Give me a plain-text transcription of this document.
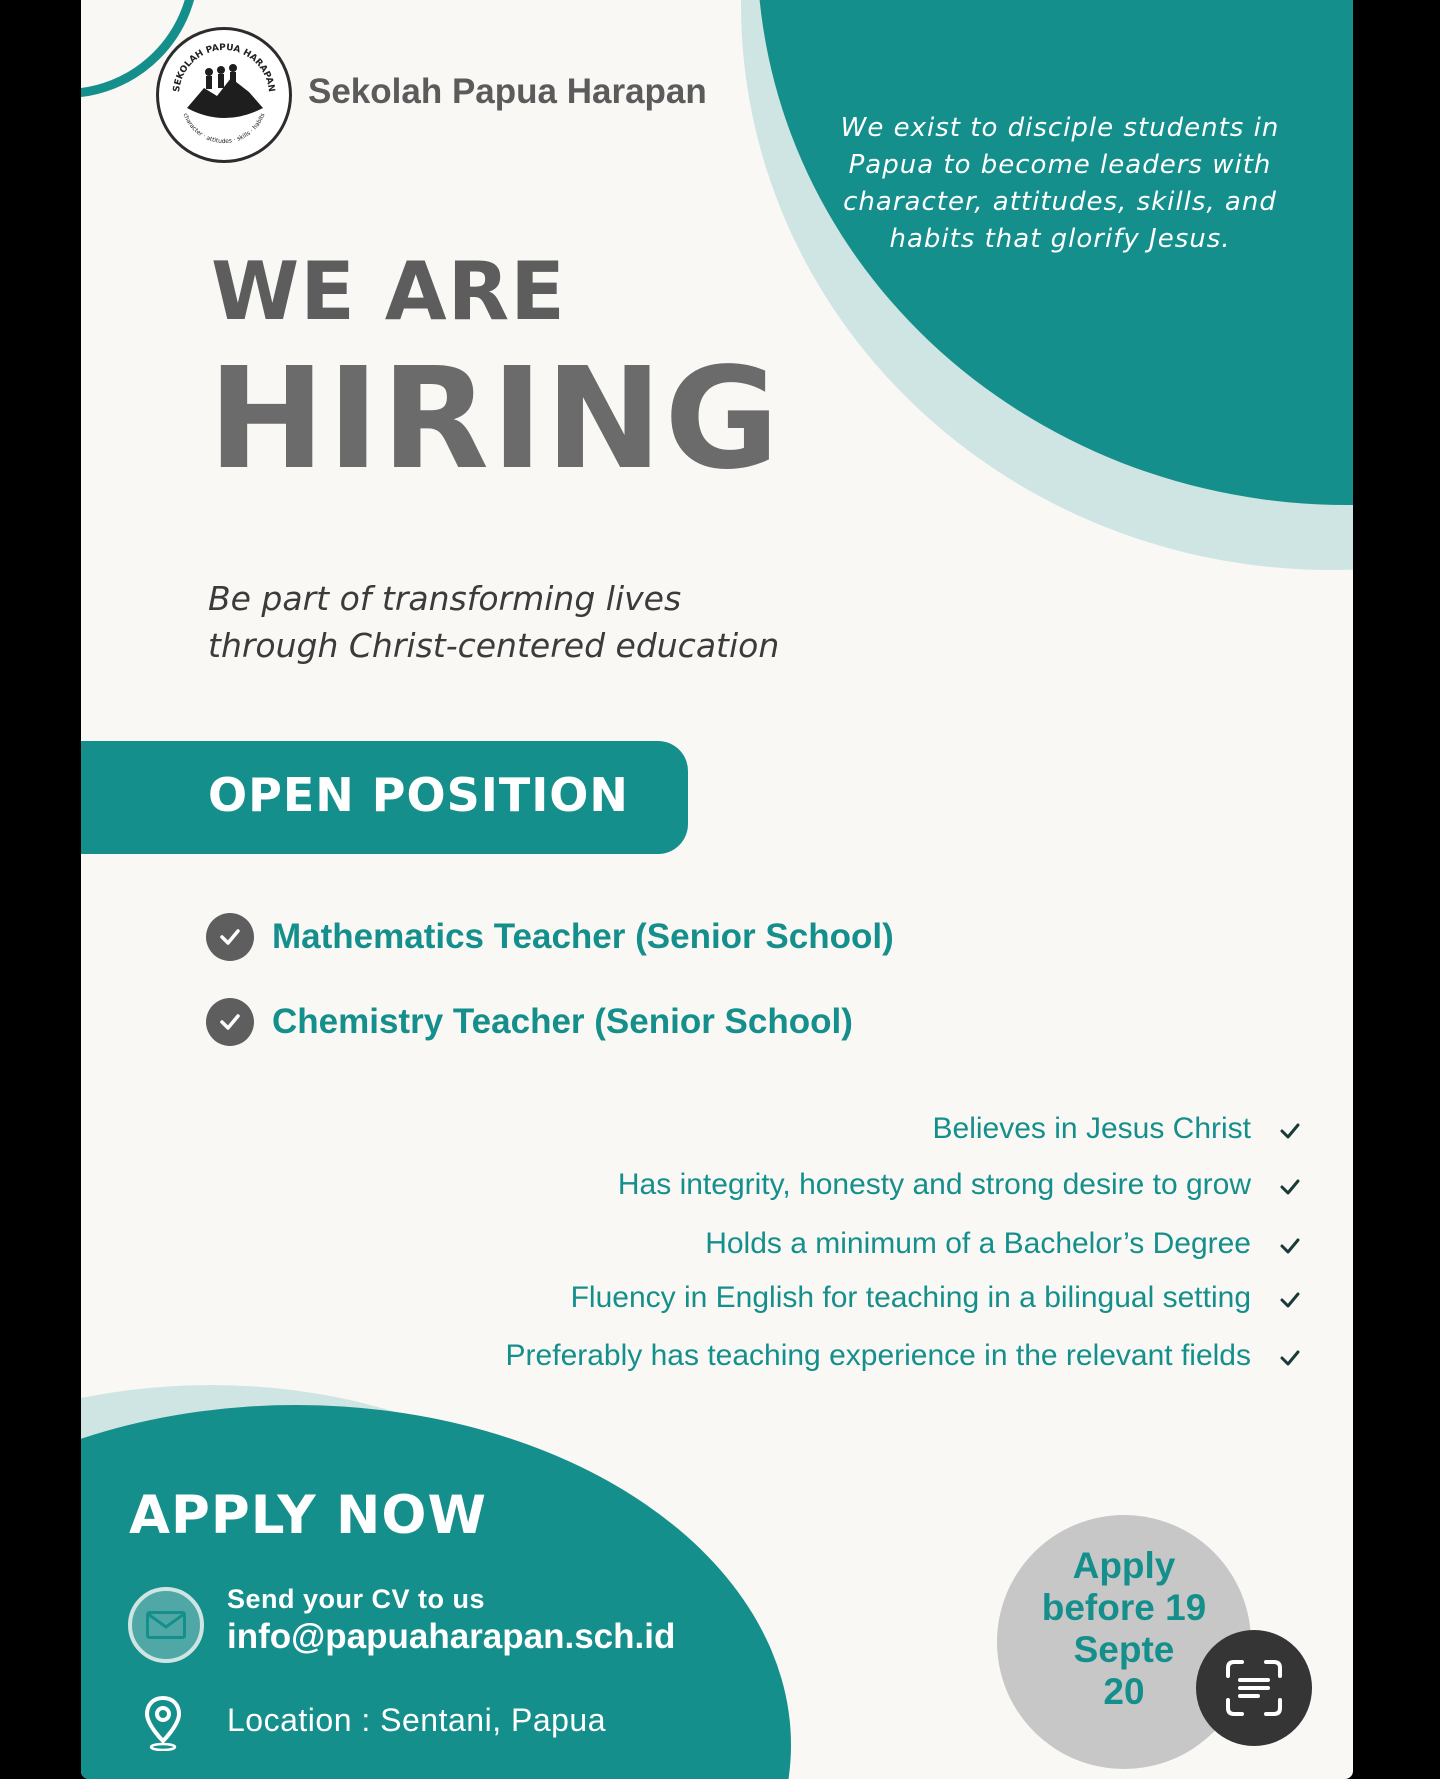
SEKOLAH PAPUA HARAPAN
character · attitudes · skills · habits
Sekolah Papua Harapan
We exist to disciple students in
Papua to become leaders with
character, attitudes, skills, and
habits that glorify Jesus.
WE ARE
HIRING
Be part of transforming lives
through Christ-centered education
OPEN POSITION
Mathematics Teacher (Senior School)
Chemistry Teacher (Senior School)
Believes in Jesus Christ
Has integrity, honesty and strong desire to grow
Holds a minimum of a Bachelor’s Degree
Fluency in English for teaching in a bilingual setting
Preferably has teaching experience in the relevant fields
APPLY NOW
Send your CV to us
info@papuaharapan.sch.id
Location : Sentani, Papua
Apply
before 19
Septe
20
